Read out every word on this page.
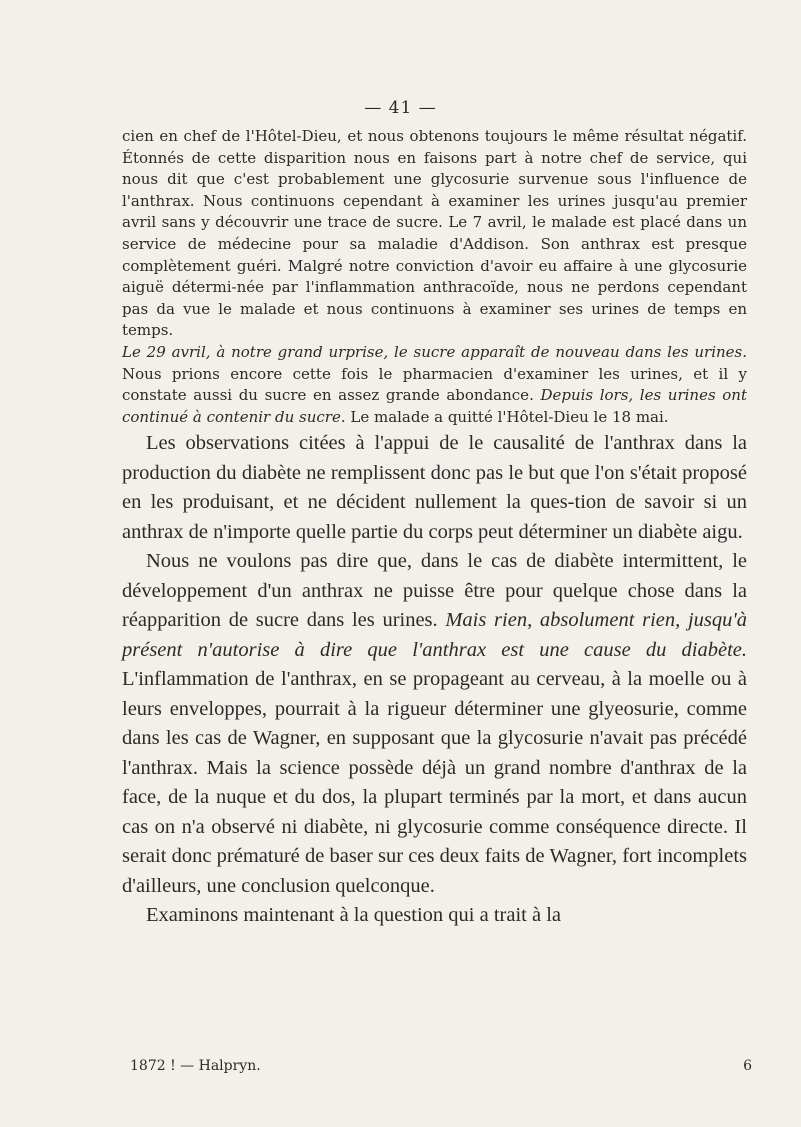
— 41 —

cien en chef de l'Hôtel-Dieu, et nous obtenons toujours le même résultat négatif. Étonnés de cette disparition nous en faisons part à notre chef de service, qui nous dit que c'est probablement une glycosurie survenue sous l'influence de l'anthrax. Nous continuons cependant à examiner les urines jusqu'au premier avril sans y découvrir une trace de sucre. Le 7 avril, le malade est placé dans un service de médecine pour sa maladie d'Addison. Son anthrax est presque complètement guéri. Malgré notre conviction d'avoir eu affaire à une glycosurie aiguë détermi-née par l'inflammation anthracoïde, nous ne perdons cependant pas da vue le malade et nous continuons à examiner ses urines de temps en temps.

Le 29 avril, à notre grand urprise, le sucre apparaît de nouveau dans les urines. Nous prions encore cette fois le pharmacien d'examiner les urines, et il y constate aussi du sucre en assez grande abondance. Depuis lors, les urines ont continué à contenir du sucre. Le malade a quitté l'Hôtel-Dieu le 18 mai.

Les observations citées à l'appui de le causalité de l'anthrax dans la production du diabète ne remplissent donc pas le but que l'on s'était proposé en les produisant, et ne décident nullement la ques-tion de savoir si un anthrax de n'importe quelle partie du corps peut déterminer un diabète aigu.

Nous ne voulons pas dire que, dans le cas de diabète intermittent, le développement d'un anthrax ne puisse être pour quelque chose dans la réapparition de sucre dans les urines. Mais rien, absolument rien, jusqu'à présent n'autorise à dire que l'anthrax est une cause du diabète. L'inflammation de l'anthrax, en se propageant au cerveau, à la moelle ou à leurs enveloppes, pourrait à la rigueur déterminer une glyeosurie, comme dans les cas de Wagner, en supposant que la glycosurie n'avait pas précédé l'anthrax. Mais la science possède déjà un grand nombre d'anthrax de la face, de la nuque et du dos, la plupart terminés par la mort, et dans aucun cas on n'a observé ni diabète, ni glycosurie comme conséquence directe. Il serait donc prématuré de baser sur ces deux faits de Wagner, fort incomplets d'ailleurs, une conclusion quelconque.

Examinons maintenant à la question qui a trait à la

1872 ! — Halpryn.	6
